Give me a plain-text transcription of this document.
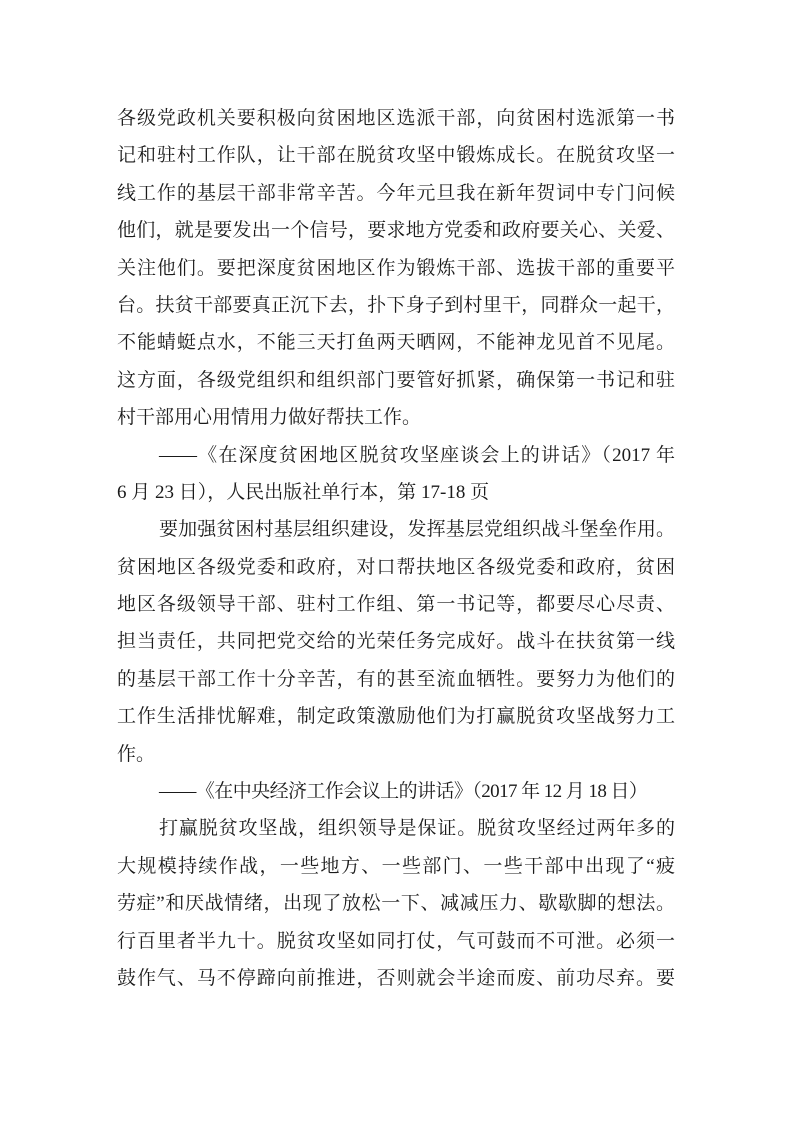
各级党政机关要积极向贫困地区选派干部，向贫困村选派第一书
记和驻村工作队，让干部在脱贫攻坚中锻炼成长。在脱贫攻坚一
线工作的基层干部非常辛苦。今年元旦我在新年贺词中专门问候
他们，就是要发出一个信号，要求地方党委和政府要关心、关爱、
关注他们。要把深度贫困地区作为锻炼干部、选拔干部的重要平
台。扶贫干部要真正沉下去，扑下身子到村里干，同群众一起干，
不能蜻蜓点水，不能三天打鱼两天晒网，不能神龙见首不见尾。
这方面，各级党组织和组织部门要管好抓紧，确保第一书记和驻
村干部用心用情用力做好帮扶工作。
——《在深度贫困地区脱贫攻坚座谈会上的讲话》（2017 年
6 月 23 日），人民出版社单行本，第 17-18 页
要加强贫困村基层组织建设，发挥基层党组织战斗堡垒作用。
贫困地区各级党委和政府，对口帮扶地区各级党委和政府，贫困
地区各级领导干部、驻村工作组、第一书记等，都要尽心尽责、
担当责任，共同把党交给的光荣任务完成好。战斗在扶贫第一线
的基层干部工作十分辛苦，有的甚至流血牺牲。要努力为他们的
工作生活排忧解难，制定政策激励他们为打赢脱贫攻坚战努力工
作。
——《在中央经济工作会议上的讲话》（2017 年 12 月 18 日）
打赢脱贫攻坚战，组织领导是保证。脱贫攻坚经过两年多的
大规模持续作战，一些地方、一些部门、一些干部中出现了“疲
劳症”和厌战情绪，出现了放松一下、减减压力、歇歇脚的想法。
行百里者半九十。脱贫攻坚如同打仗，气可鼓而不可泄。必须一
鼓作气、马不停蹄向前推进，否则就会半途而废、前功尽弃。要
